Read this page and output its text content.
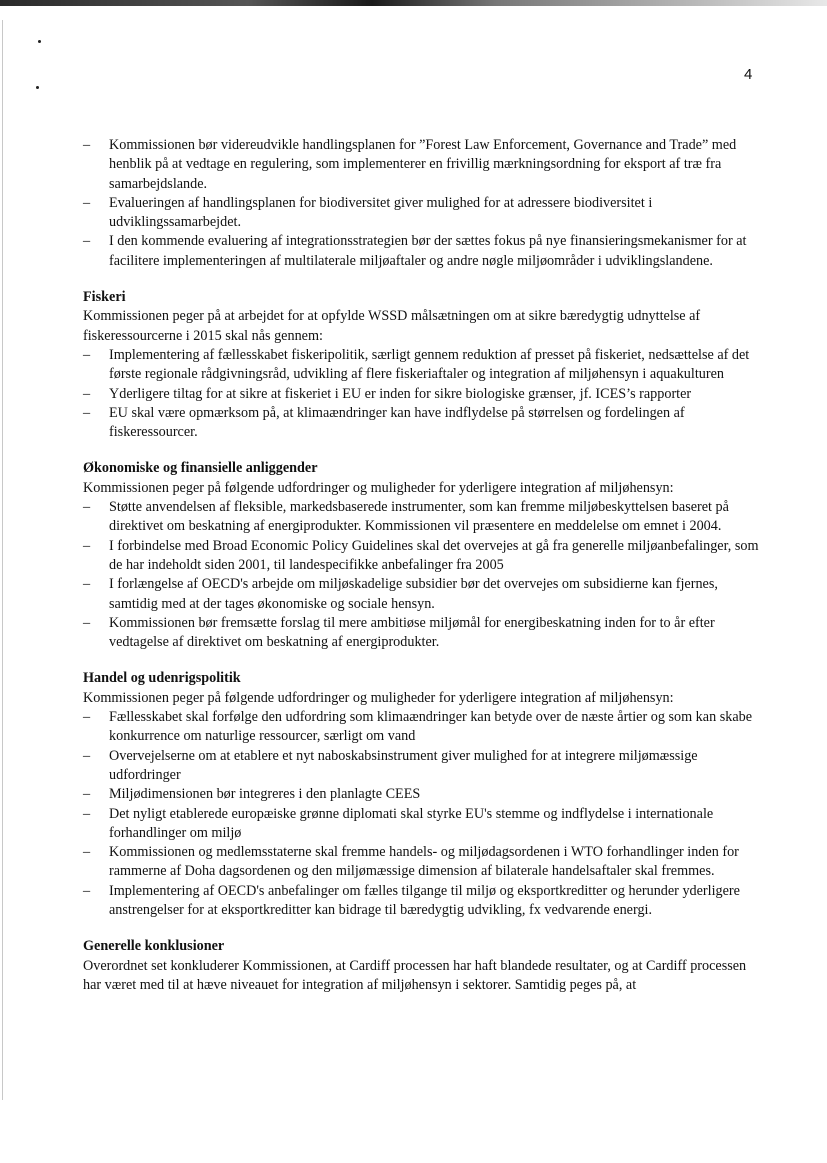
4
– Kommissionen bør videreudvikle handlingsplanen for ”Forest Law Enforcement, Governance and Trade” med henblik på at vedtage en regulering, som implementerer en frivillig mærkningsordning for eksport af træ fra samarbejdslande.
– Evalueringen af handlingsplanen for biodiversitet giver mulighed for at adressere biodiversitet i udviklingssamarbejdet.
– I den kommende evaluering af integrationsstrategien bør der sættes fokus på nye finansieringsmekanismer for at facilitere implementeringen af multilaterale miljøaftaler og andre nøgle miljøområder i udviklingslandene.
Fiskeri

Kommissionen peger på at arbejdet for at opfylde WSSD målsætningen om at sikre bæredygtig udnyttelse af fiskeressourcerne i 2015 skal nås gennem:

– Implementering af fællesskabet fiskeripolitik, særligt gennem reduktion af presset på fiskeriet, nedsættelse af det første regionale rådgivningsråd, udvikling af flere fiskeriaftaler og integration af miljøhensyn i aquakulturen
– Yderligere tiltag for at sikre at fiskeriet i EU er inden for sikre biologiske grænser, jf. ICES’s rapporter
– EU skal være opmærksom på, at klimaændringer kan have indflydelse på størrelsen og fordelingen af fiskeressourcer.
Økonomiske og finansielle anliggender

Kommissionen peger på følgende udfordringer og muligheder for yderligere integration af miljøhensyn:

– Støtte anvendelsen af fleksible, markedsbaserede instrumenter, som kan fremme miljøbeskyttelsen baseret på direktivet om beskatning af energiprodukter. Kommissionen vil præsentere en meddelelse om emnet i 2004.
– I forbindelse med Broad Economic Policy Guidelines skal det overvejes at gå fra generelle miljøanbefalinger, som de har indeholdt siden 2001, til landespecifikke anbefalinger fra 2005
– I forlængelse af OECD's arbejde om miljøskadelige subsidier bør det overvejes om subsidierne kan fjernes, samtidig med at der tages økonomiske og sociale hensyn.
– Kommissionen bør fremsætte forslag til mere ambitiøse miljømål for energibeskatning inden for to år efter vedtagelse af direktivet om beskatning af energiprodukter.
Handel og udenrigspolitik

Kommissionen peger på følgende udfordringer og muligheder for yderligere integration af miljøhensyn:

– Fællesskabet skal forfølge den udfordring som klimaændringer kan betyde over de næste årtier og som kan skabe konkurrence om naturlige ressourcer, særligt om vand
– Overvejelserne om at etablere et nyt naboskabsinstrument giver mulighed for at integrere miljømæssige udfordringer
– Miljødimensionen bør integreres i den planlagte CEES
– Det nyligt etablerede europæiske grønne diplomati skal styrke EU's stemme og indflydelse i internationale forhandlinger om miljø
– Kommissionen og medlemsstaterne skal fremme handels- og miljødagsordenen i WTO forhandlinger inden for rammerne af Doha dagsordenen og den miljømæssige dimension af bilaterale handelsaftaler skal fremmes.
– Implementering af OECD's anbefalinger om fælles tilgange til miljø og eksportkreditter og herunder yderligere anstrengelser for at eksportkreditter kan bidrage til bæredygtig udvikling, fx vedvarende energi.
Generelle konklusioner

Overordnet set konkluderer Kommissionen, at Cardiff processen har haft blandede resultater, og at Cardiff processen har været med til at hæve niveauet for integration af miljøhensyn i sektorer. Samtidig peges på, at
